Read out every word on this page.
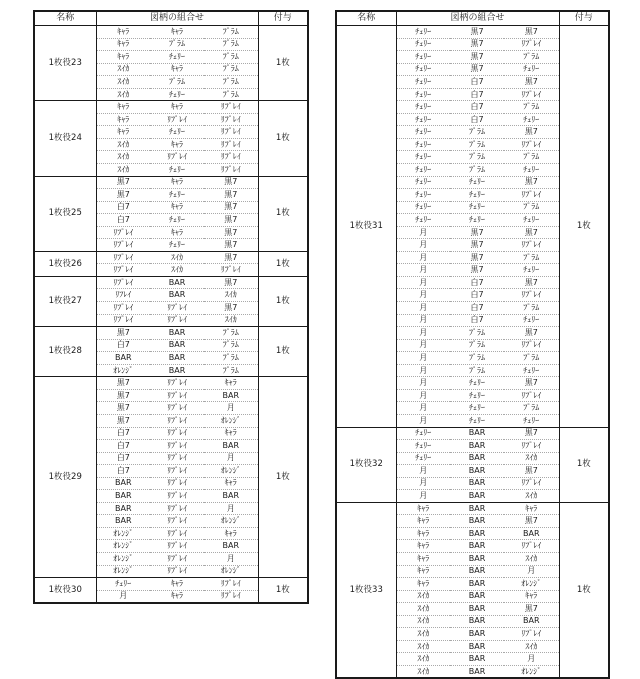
名称	図柄の組合せ			付与
1枚役23	ｷｬﾗ	ｷｬﾗ	ﾌﾟﾗﾑ	1枚
	ｷｬﾗ	ﾌﾟﾗﾑ	ﾌﾟﾗﾑ	
	ｷｬﾗ	ﾁｪﾘｰ	ﾌﾟﾗﾑ	
	ｽｲｶ	ｷｬﾗ	ﾌﾟﾗﾑ	
	ｽｲｶ	ﾌﾟﾗﾑ	ﾌﾟﾗﾑ	
	ｽｲｶ	ﾁｪﾘｰ	ﾌﾟﾗﾑ	
1枚役24	ｷｬﾗ	ｷｬﾗ	ﾘﾌﾟﾚｲ	1枚
	ｷｬﾗ	ﾘﾌﾟﾚｲ	ﾘﾌﾟﾚｲ	
	ｷｬﾗ	ﾁｪﾘｰ	ﾘﾌﾟﾚｲ	
	ｽｲｶ	ｷｬﾗ	ﾘﾌﾟﾚｲ	
	ｽｲｶ	ﾘﾌﾟﾚｲ	ﾘﾌﾟﾚｲ	
	ｽｲｶ	ﾁｪﾘｰ	ﾘﾌﾟﾚｲ	
1枚役25	黒7	ｷｬﾗ	黒7	1枚
	黒7	ﾁｪﾘｰ	黒7	
	白7	ｷｬﾗ	黒7	
	白7	ﾁｪﾘｰ	黒7	
	ﾘﾌﾟﾚｲ	ｷｬﾗ	黒7	
	ﾘﾌﾟﾚｲ	ﾁｪﾘｰ	黒7	
1枚役26	ﾘﾌﾟﾚｲ	ｽｲｶ	黒7	1枚
	ﾘﾌﾟﾚｲ	ｽｲｶ	ﾘﾌﾟﾚｲ	
1枚役27	ﾘﾌﾟﾚｲ	BAR	黒7	1枚
	ﾘﾌﾚｲ	BAR	ｽｲｶ	
	ﾘﾌﾟﾚｲ	ﾘﾌﾟﾚｲ	黒7	
	ﾘﾌﾟﾚｲ	ﾘﾌﾟﾚｲ	ｽｲｶ	
1枚役28	黒7	BAR	ﾌﾟﾗﾑ	1枚
	白7	BAR	ﾌﾟﾗﾑ	
	BAR	BAR	ﾌﾟﾗﾑ	
	ｵﾚﾝｼﾞ	BAR	ﾌﾟﾗﾑ	
1枚役29	黒7	ﾘﾌﾟﾚｲ	ｷｬﾗ	1枚
	黒7	ﾘﾌﾟﾚｲ	BAR	
	黒7	ﾘﾌﾟﾚｲ	月	
	黒7	ﾘﾌﾟﾚｲ	ｵﾚﾝｼﾞ	
	白7	ﾘﾌﾟﾚｲ	ｷｬﾗ	
	白7	ﾘﾌﾟﾚｲ	BAR	
	白7	ﾘﾌﾟﾚｲ	月	
	白7	ﾘﾌﾟﾚｲ	ｵﾚﾝｼﾞ	
	BAR	ﾘﾌﾟﾚｲ	ｷｬﾗ	
	BAR	ﾘﾌﾟﾚｲ	BAR	
	BAR	ﾘﾌﾟﾚｲ	月	
	BAR	ﾘﾌﾟﾚｲ	ｵﾚﾝｼﾞ	
	ｵﾚﾝｼﾞ	ﾘﾌﾟﾚｲ	ｷｬﾗ	
	ｵﾚﾝｼﾞ	ﾘﾌﾟﾚｲ	BAR	
	ｵﾚﾝｼﾞ	ﾘﾌﾟﾚｲ	月	
	ｵﾚﾝｼﾞ	ﾘﾌﾟﾚｲ	ｵﾚﾝｼﾞ	
1枚役30	ﾁｪﾘｰ	ｷｬﾗ	ﾘﾌﾟﾚｲ	1枚
	月	ｷｬﾗ	ﾘﾌﾟﾚｲ	
名称	図柄の組合せ			付与
1枚役31	ﾁｪﾘｰ	黒7	黒7	1枚
	ﾁｪﾘｰ	黒7	ﾘﾌﾟﾚｲ	
	ﾁｪﾘｰ	黒7	ﾌﾟﾗﾑ	
	ﾁｪﾘｰ	黒7	ﾁｪﾘｰ	
	ﾁｪﾘｰ	白7	黒7	
	ﾁｪﾘｰ	白7	ﾘﾌﾟﾚｲ	
	ﾁｪﾘｰ	白7	ﾌﾟﾗﾑ	
	ﾁｪﾘｰ	白7	ﾁｪﾘｰ	
	ﾁｪﾘｰ	ﾌﾟﾗﾑ	黒7	
	ﾁｪﾘｰ	ﾌﾟﾗﾑ	ﾘﾌﾟﾚｲ	
	ﾁｪﾘｰ	ﾌﾟﾗﾑ	ﾌﾟﾗﾑ	
	ﾁｪﾘｰ	ﾌﾟﾗﾑ	ﾁｪﾘｰ	
	ﾁｪﾘｰ	ﾁｪﾘｰ	黒7	
	ﾁｪﾘｰ	ﾁｪﾘｰ	ﾘﾌﾟﾚｲ	
	ﾁｪﾘｰ	ﾁｪﾘｰ	ﾌﾟﾗﾑ	
	ﾁｪﾘｰ	ﾁｪﾘｰ	ﾁｪﾘｰ	
	月	黒7	黒7	
	月	黒7	ﾘﾌﾟﾚｲ	
	月	黒7	ﾌﾟﾗﾑ	
	月	黒7	ﾁｪﾘｰ	
	月	白7	黒7	
	月	白7	ﾘﾌﾟﾚｲ	
	月	白7	ﾌﾟﾗﾑ	
	月	白7	ﾁｪﾘｰ	
	月	ﾌﾟﾗﾑ	黒7	
	月	ﾌﾟﾗﾑ	ﾘﾌﾟﾚｲ	
	月	ﾌﾟﾗﾑ	ﾌﾟﾗﾑ	
	月	ﾌﾟﾗﾑ	ﾁｪﾘｰ	
	月	ﾁｪﾘｰ	黒7	
	月	ﾁｪﾘｰ	ﾘﾌﾟﾚｲ	
	月	ﾁｪﾘｰ	ﾌﾟﾗﾑ	
	月	ﾁｪﾘｰ	ﾁｪﾘｰ	
1枚役32	ﾁｪﾘｰ	BAR	黒7	1枚
	ﾁｪﾘｰ	BAR	ﾘﾌﾟﾚｲ	
	ﾁｪﾘｰ	BAR	ｽｲｶ	
	月	BAR	黒7	
	月	BAR	ﾘﾌﾟﾚｲ	
	月	BAR	ｽｲｶ	
1枚役33	ｷｬﾗ	BAR	ｷｬﾗ	1枚
	ｷｬﾗ	BAR	黒7	
	ｷｬﾗ	BAR	BAR	
	ｷｬﾗ	BAR	ﾘﾌﾟﾚｲ	
	ｷｬﾗ	BAR	ｽｲｶ	
	ｷｬﾗ	BAR	月	
	ｷｬﾗ	BAR	ｵﾚﾝｼﾞ	
	ｽｲｶ	BAR	ｷｬﾗ	
	ｽｲｶ	BAR	黒7	
	ｽｲｶ	BAR	BAR	
	ｽｲｶ	BAR	ﾘﾌﾟﾚｲ	
	ｽｲｶ	BAR	ｽｲｶ	
	ｽｲｶ	BAR	月	
	ｽｲｶ	BAR	ｵﾚﾝｼﾞ	
